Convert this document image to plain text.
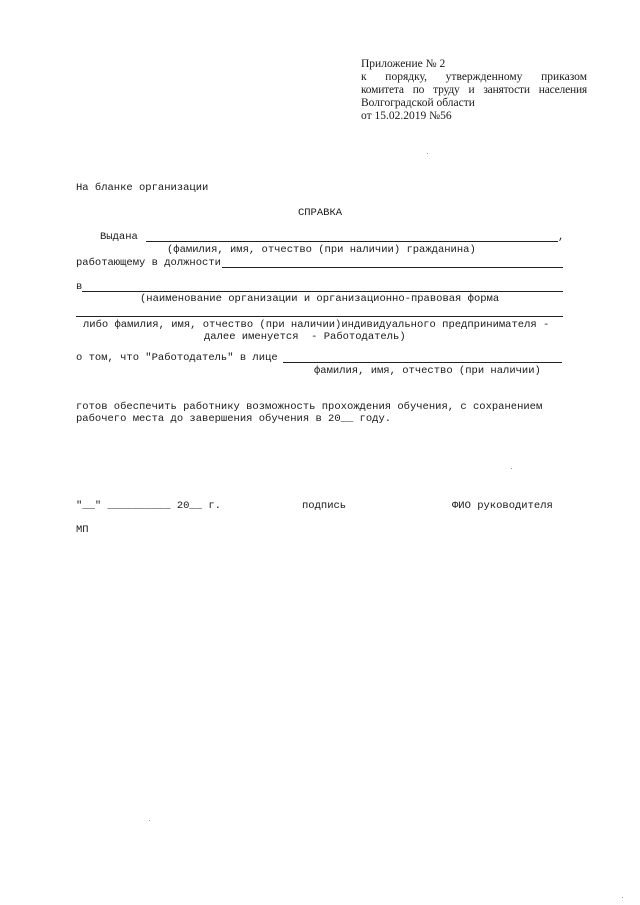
Приложение № 2
к порядку, утвержденному приказом
комитета по труду и занятости населения
Волгоградской области
от 15.02.2019 №56
На бланке организации
СПРАВКА
Выдана	,
(фамилия, имя, отчество (при наличии) гражданина)
работающему в должности
в
(наименование организации и организационно-правовая форма
либо фамилия, имя, отчество (при наличии)индивидуального предпринимателя -
далее именуется  - Работодатель)
о том, что "Работодатель" в лице
фамилия, имя, отчество (при наличии)
готов обеспечить работнику возможность прохождения обучения, с сохранением
рабочего места до завершения обучения в 20__ году.
"__" __________ 20__ г.	подпись	ФИО руководителя
МП
